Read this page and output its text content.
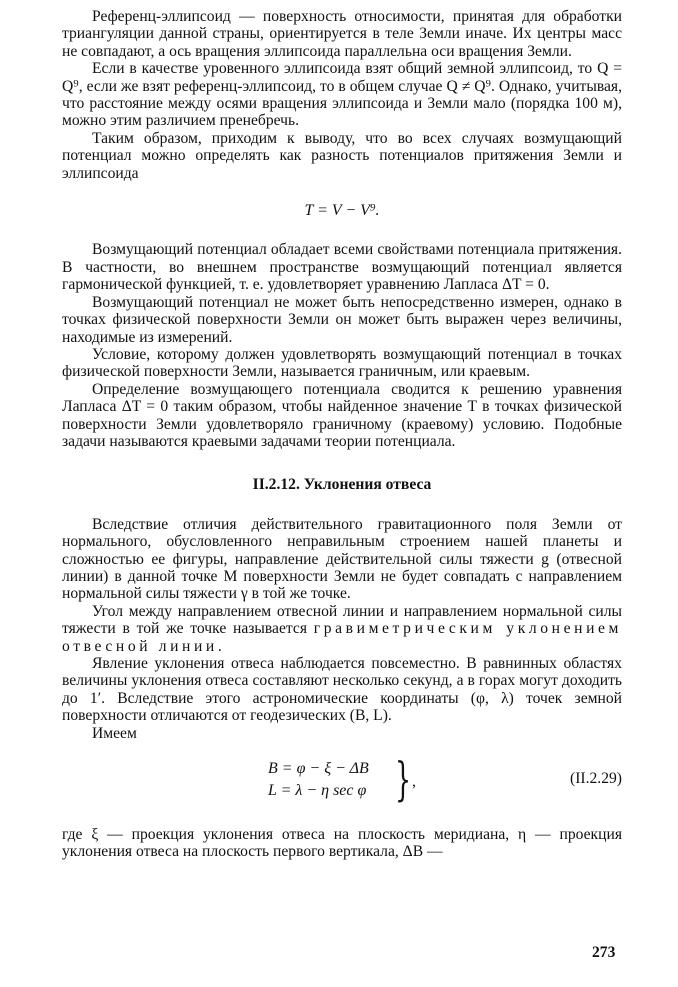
Референц-эллипсоид — поверхность относимости, принятая для обработки триангуляции данной страны, ориентируется в теле Земли иначе. Их центры масс не совпадают, а ось вращения эллипсоида параллельна оси вращения Земли.

Если в качестве уровенного эллипсоида взят общий земной эллипсоид, то Q = Q⁹, если же взят референц-эллипсоид, то в общем случае Q ≠ Q⁹. Однако, учитывая, что расстояние между осями вращения эллипсоида и Земли мало (порядка 100 м), можно этим различием пренебречь.

Таким образом, приходим к выводу, что во всех случаях возмущающий потенциал можно определять как разность потенциалов притяжения Земли и эллипсоида

T = V − V⁹.

Возмущающий потенциал обладает всеми свойствами потенциала притяжения. В частности, во внешнем пространстве возмущающий потенциал является гармонической функцией, т. е. удовлетворяет уравнению Лапласа ΔT = 0.

Возмущающий потенциал не может быть непосредственно измерен, однако в точках физической поверхности Земли он может быть выражен через величины, находимые из измерений.

Условие, которому должен удовлетворять возмущающий потенциал в точках физической поверхности Земли, называется граничным, или краевым.

Определение возмущающего потенциала сводится к решению уравнения Лапласа ΔT = 0 таким образом, чтобы найденное значение T в точках физической поверхности Земли удовлетворяло граничному (краевому) условию. Подобные задачи называются краевыми задачами теории потенциала.

II.2.12. Уклонения отвеса

Вследствие отличия действительного гравитационного поля Земли от нормального, обусловленного неправильным строением нашей планеты и сложностью ее фигуры, направление действительной силы тяжести g (отвесной линии) в данной точке M поверхности Земли не будет совпадать с направлением нормальной силы тяжести γ в той же точке.

Угол между направлением отвесной линии и направлением нормальной силы тяжести в той же точке называется гравиметрическим уклонением отвесной линии.

Явление уклонения отвеса наблюдается повсеместно. В равнинных областях величины уклонения отвеса составляют несколько секунд, а в горах могут доходить до 1′. Вследствие этого астрономические координаты (φ, λ) точек земной поверхности отличаются от геодезических (B, L).

Имеем

B = φ − ξ − ΔB
L = λ − η sec φ } ,	(II.2.29)

где ξ — проекция уклонения отвеса на плоскость меридиана, η — проекция уклонения отвеса на плоскость первого вертикала, ΔB —

273
